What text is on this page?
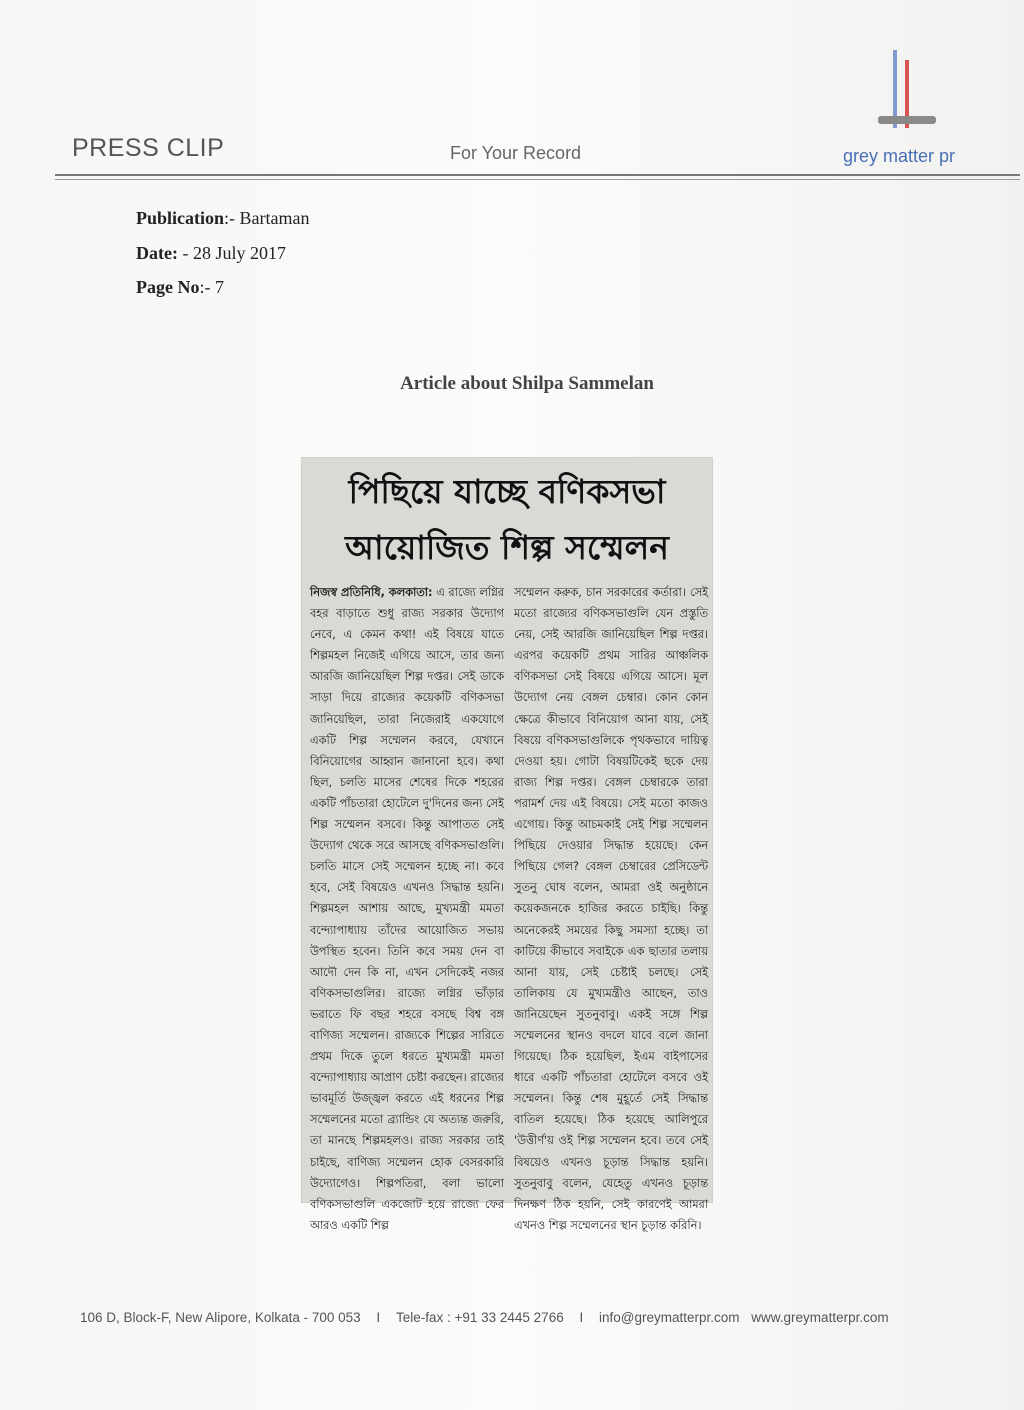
PRESS CLIP	For Your Record	grey matter pr
Publication:- Bartaman
Date: - 28 July 2017
Page No:- 7
Article about Shilpa Sammelan
পিছিয়ে যাচ্ছে বণিকসভা
আয়োজিত শিল্প সম্মেলন

নিজস্ব প্রতিনিধি, কলকাতা: এ রাজ্যে লগ্নির বহর বাড়াতে শুধু রাজ্য সরকার উদ্যোগ নেবে, এ কেমন কথা! এই বিষয়ে যাতে শিল্পমহল নিজেই এগিয়ে আসে, তার জন্য আরজি জানিয়েছিল শিল্প দপ্তর। সেই ডাকে সাড়া দিয়ে রাজ্যের কয়েকটি বণিকসভা জানিয়েছিল, তারা নিজেরাই একযোগে একটি শিল্প সম্মেলন করবে, যেখানে বিনিয়োগের আহ্বান জানানো হবে। কথা ছিল, চলতি মাসের শেষের দিকে শহরের একটি পাঁচতারা হোটেলে দু'দিনের জন্য সেই শিল্প সম্মেলন বসবে। কিন্তু আপাতত সেই উদ্যোগ থেকে সরে আসছে বণিকসভাগুলি। চলতি মাসে সেই সম্মেলন হচ্ছে না। কবে হবে, সেই বিষয়েও এখনও সিদ্ধান্ত হয়নি। শিল্পমহল আশায় আছে, মুখ্যমন্ত্রী মমতা বন্দ্যোপাধ্যায় তাঁদের আয়োজিত সভায় উপস্থিত হবেন। তিনি কবে সময় দেন বা আদৌ দেন কি না, এখন সেদিকেই নজর বণিকসভাগুলির। রাজ্যে লগ্নির ভাঁড়ার ভরাতে ফি বছর শহরে বসছে বিশ্ব বঙ্গ বাণিজ্য সম্মেলন। রাজ্যকে শিল্পের সারিতে প্রথম দিকে তুলে ধরতে মুখ্যমন্ত্রী মমতা বন্দ্যোপাধ্যায় আপ্রাণ চেষ্টা করছেন। রাজ্যের ভাবমূর্তি উজ্জ্বল করতে এই ধরনের শিল্প সম্মেলনের মতো ব্র্যান্ডিং যে অত্যন্ত জরুরি, তা মানছে শিল্পমহলও। রাজ্য সরকার তাই চাইছে, বাণিজ্য সম্মেলন হোক বেসরকারি উদ্যোগেও। শিল্পপতিরা, বলা ভালো বণিকসভাগুলি একজোট হয়ে রাজ্যে ফের আরও একটি শিল্প

সম্মেলন করুক, চান সরকারের কর্তারা। সেই মতো রাজ্যের বণিকসভাগুলি যেন প্রস্তুতি নেয়, সেই আরজি জানিয়েছিল শিল্প দপ্তর। এরপর কয়েকটি প্রথম সারির আঞ্চলিক বণিকসভা সেই বিষয়ে এগিয়ে আসে। মূল উদ্যোগ নেয় বেঙ্গল চেম্বার। কোন কোন ক্ষেত্রে কীভাবে বিনিয়োগ আনা যায়, সেই বিষয়ে বণিকসভাগুলিকে পৃথকভাবে দায়িত্ব দেওয়া হয়। গোটা বিষয়টিকেই ছকে দেয় রাজ্য শিল্প দপ্তর। বেঙ্গল চেম্বারকে তারা পরামর্শ দেয় এই বিষয়ে। সেই মতো কাজও এগোয়। কিন্তু আচমকাই সেই শিল্প সম্মেলন পিছিয়ে দেওয়ার সিদ্ধান্ত হয়েছে। কেন পিছিয়ে গেল? বেঙ্গল চেম্বারের প্রেসিডেন্ট সুতনু ঘোষ বলেন, আমরা ওই অনুষ্ঠানে কয়েকজনকে হাজির করতে চাইছি। কিন্তু অনেকেরই সময়ের কিছু সমস্যা হচ্ছে। তা কাটিয়ে কীভাবে সবাইকে এক ছাতার তলায় আনা যায়, সেই চেষ্টাই চলছে। সেই তালিকায় যে মুখ্যমন্ত্রীও আছেন, তাও জানিয়েছেন সুতনুবাবু। একই সঙ্গে শিল্প সম্মেলনের স্থানও বদলে যাবে বলে জানা গিয়েছে। ঠিক হয়েছিল, ইএম বাইপাসের ধারে একটি পাঁচতারা হোটেলে বসবে ওই সম্মেলন। কিন্তু শেষ মুহূর্তে সেই সিদ্ধান্ত বাতিল হয়েছে। ঠিক হয়েছে আলিপুরে 'উত্তীর্ণ'য় ওই শিল্প সম্মেলন হবে। তবে সেই বিষয়েও এখনও চূড়ান্ত সিদ্ধান্ত হয়নি। সুতনুবাবু বলেন, যেহেতু এখনও চূড়ান্ত দিনক্ষণ ঠিক হয়নি, সেই কারণেই আমরা এখনও শিল্প সম্মেলনের স্থান চূড়ান্ত করিনি।

106 D, Block-F, New Alipore, Kolkata - 700 053 I Tele-fax : +91 33 2445 2766 I info@greymatterpr.com www.greymatterpr.com
